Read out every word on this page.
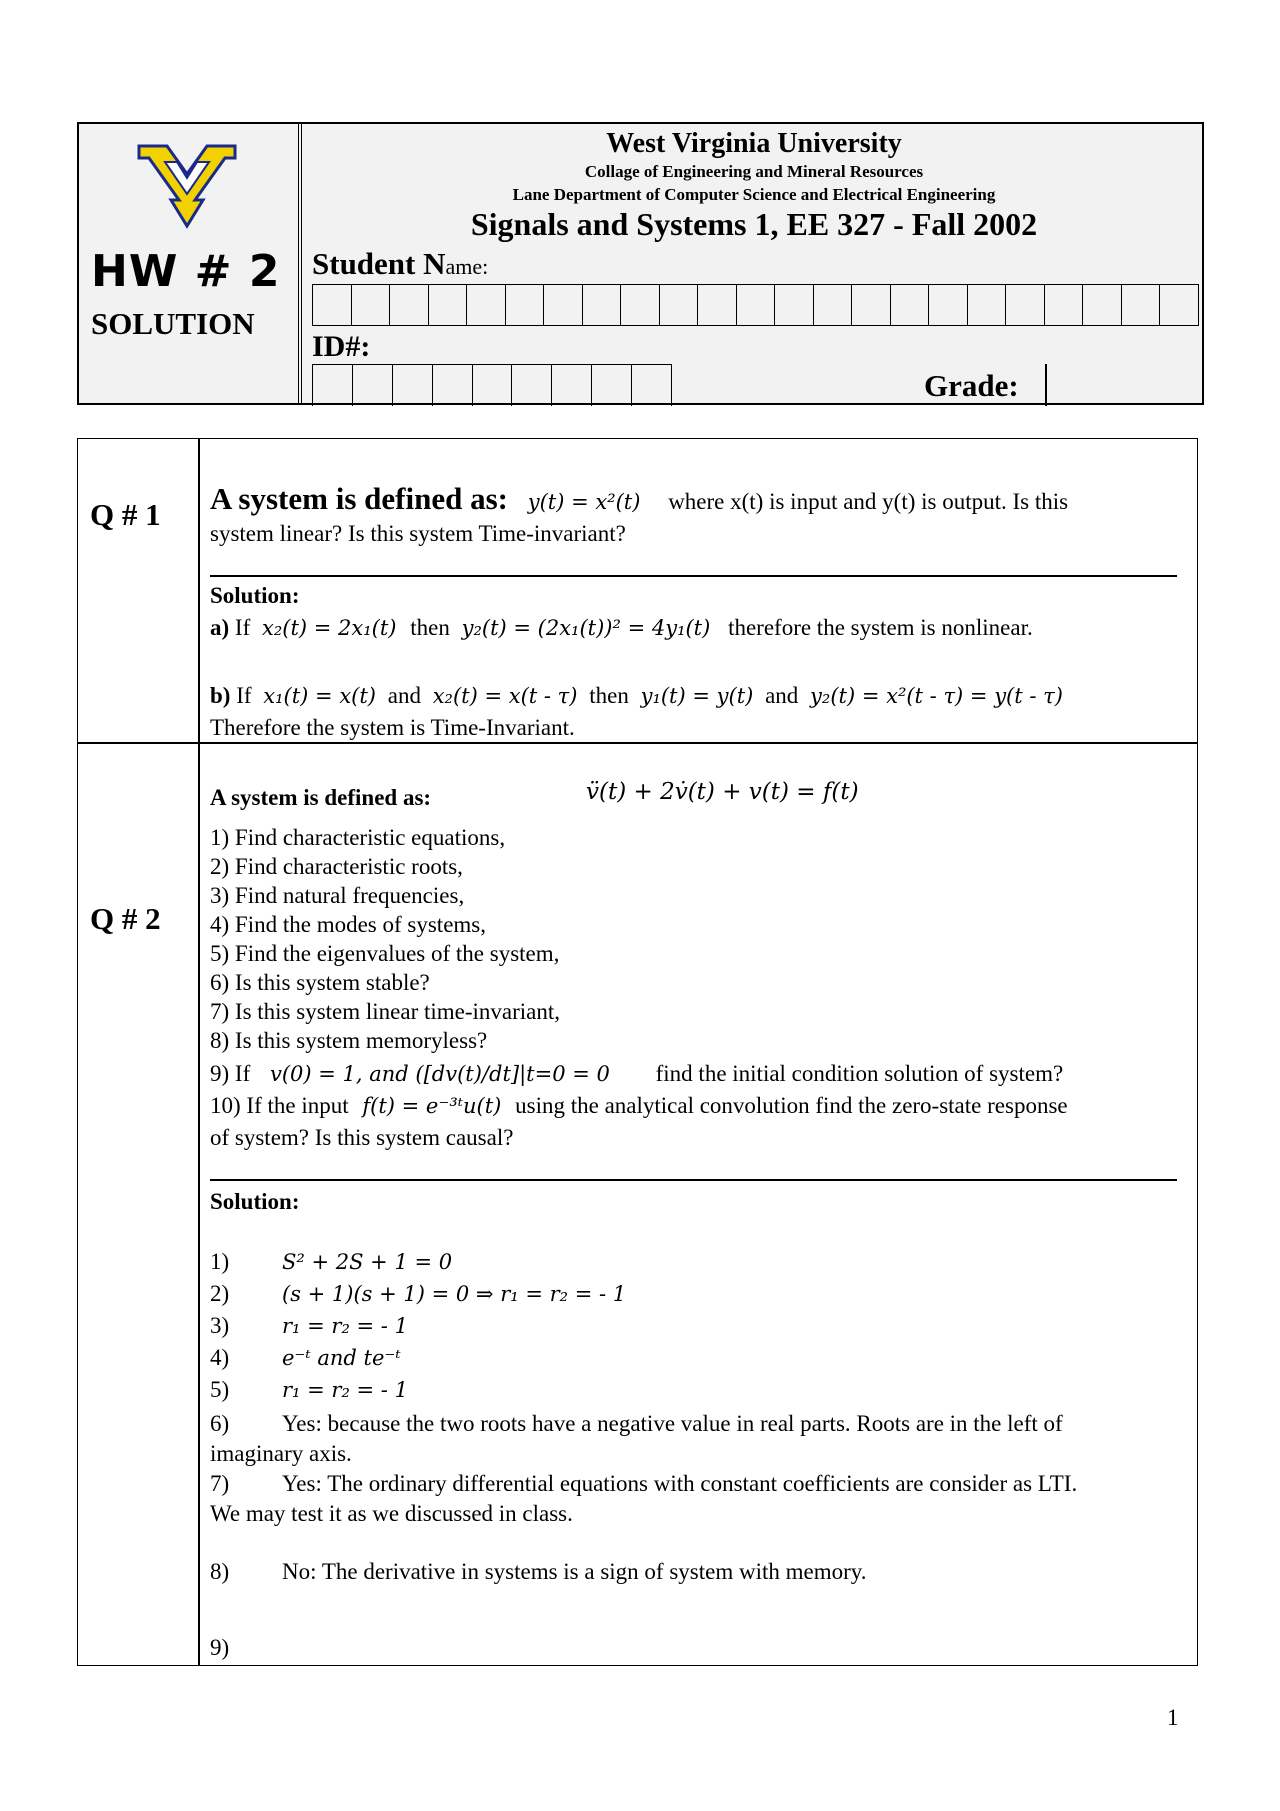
HW # 2
SOLUTION
West Virginia University
Collage of Engineering and Mineral Resources
Lane Department of Computer Science and Electrical Engineering
Signals and Systems 1, EE 327 - Fall 2002
Student Name:
ID#:
Grade:
Q # 1 A system is defined as: y(t) = x²(t) where x(t) is input and y(t) is output. Is this
system linear? Is this system Time-invariant?
Solution:
a) If x₂(t) = 2x₁(t) then y₂(t) = (2x₁(t))² = 4y₁(t) therefore the system is nonlinear.
b) If x₁(t) = x(t) and x₂(t) = x(t - τ) then y₁(t) = y(t) and y₂(t) = x²(t - τ) = y(t - τ)
Therefore the system is Time-Invariant.
Q # 2
A system is defined as:	v̈(t) + 2v̇(t) + v(t) = f(t)
1) Find characteristic equations,
2) Find characteristic roots,
3) Find natural frequencies,
4) Find the modes of systems,
5) Find the eigenvalues of the system,
6) Is this system stable?
7) Is this system linear time-invariant,
8) Is this system memoryless?
9) If v(0) = 1, and ([dv(t)/dt]|t=0 = 0 find the initial condition solution of system?
10) If the input f(t) = e⁻³ᵗu(t) using the analytical convolution find the zero-state response
of system? Is this system causal?
Solution:
1)	S² + 2S + 1 = 0
2)	(s + 1)(s + 1) = 0 ⇒ r₁ = r₂ = - 1
3)	r₁ = r₂ = - 1
4)	e⁻ᵗ and te⁻ᵗ
5)	r₁ = r₂ = - 1
6) Yes: because the two roots have a negative value in real parts. Roots are in the left of
imaginary axis.
7) Yes: The ordinary differential equations with constant coefficients are consider as LTI.
We may test it as we discussed in class.
8) No: The derivative in systems is a sign of system with memory.
9)
1
